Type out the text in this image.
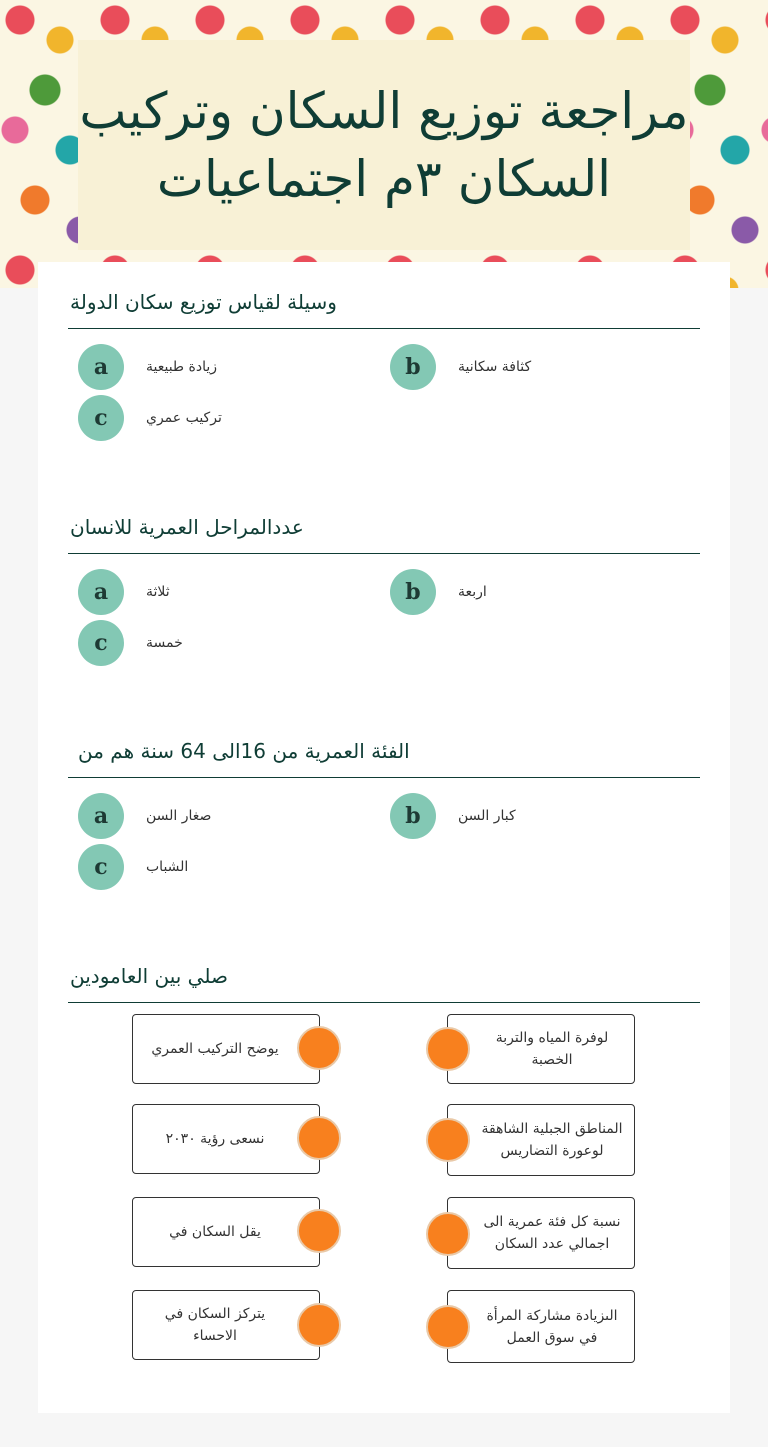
مراجعة توزيع السكان وتركيب السكان ٣م اجتماعيات
وسيلة لقياس توزيع سكان الدولة
a	زيادة طبيعية	b	كثافة سكانية
c	تركيب عمري
عددالمراحل العمرية للانسان
a	ثلاثة	b	اربعة
c	خمسة
الفئة العمرية من 16الى 64 سنة هم من
a	صغار السن	b	كبار السن
c	الشباب
صلي بين العامودين
يوضح التركيب العمري
نسعى رؤية ٢٠٣٠
يقل السكان في
يتركز السكان في الاحساء
لوفرة المياه والتربة الخصبة
المناطق الجبلية الشاهقة لوعورة التضاريس
نسبة كل فئة عمرية الى اجمالي عدد السكان
الىزيادة مشاركة المرأة في سوق العمل
